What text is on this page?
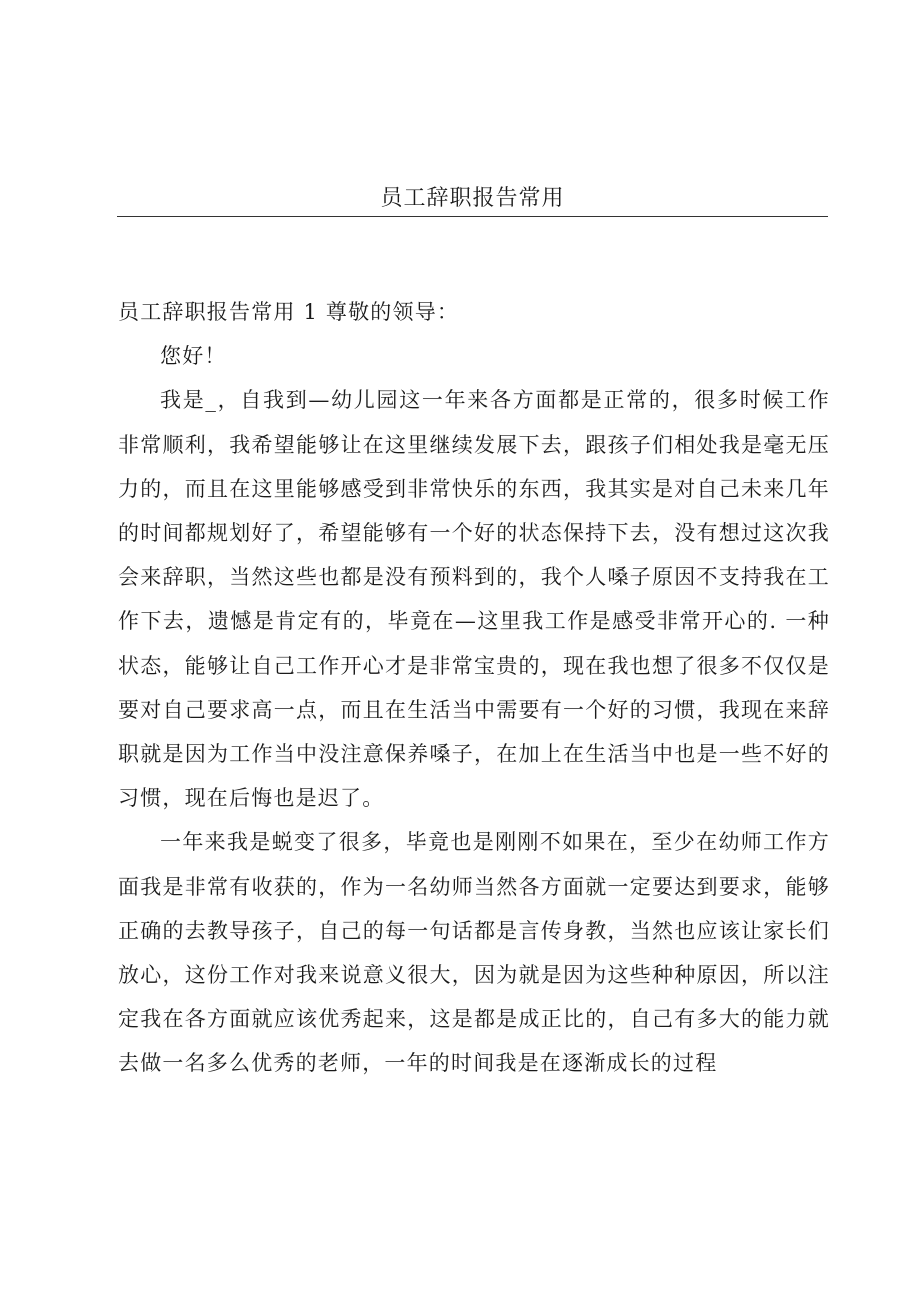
员工辞职报告常用

员工辞职报告常用 1 尊敬的领导：

您好！

我是_，自我到—幼儿园这一年来各方面都是正常的，很多时候工作非常顺利，我希望能够让在这里继续发展下去，跟孩子们相处我是毫无压力的，而且在这里能够感受到非常快乐的东西，我其实是对自己未来几年的时间都规划好了，希望能够有一个好的状态保持下去，没有想过这次我会来辞职，当然这些也都是没有预料到的，我个人嗓子原因不支持我在工作下去，遗憾是肯定有的，毕竟在—这里我工作是感受非常开心的. 一种状态，能够让自己工作开心才是非常宝贵的，现在我也想了很多不仅仅是要对自己要求高一点，而且在生活当中需要有一个好的习惯，我现在来辞职就是因为工作当中没注意保养嗓子，在加上在生活当中也是一些不好的习惯，现在后悔也是迟了。

一年来我是蜕变了很多，毕竟也是刚刚不如果在，至少在幼师工作方面我是非常有收获的，作为一名幼师当然各方面就一定要达到要求，能够正确的去教导孩子，自己的每一句话都是言传身教，当然也应该让家长们放心，这份工作对我来说意义很大，因为就是因为这些种种原因，所以注定我在各方面就应该优秀起来，这是都是成正比的，自己有多大的能力就去做一名多么优秀的老师，一年的时间我是在逐渐成长的过程
